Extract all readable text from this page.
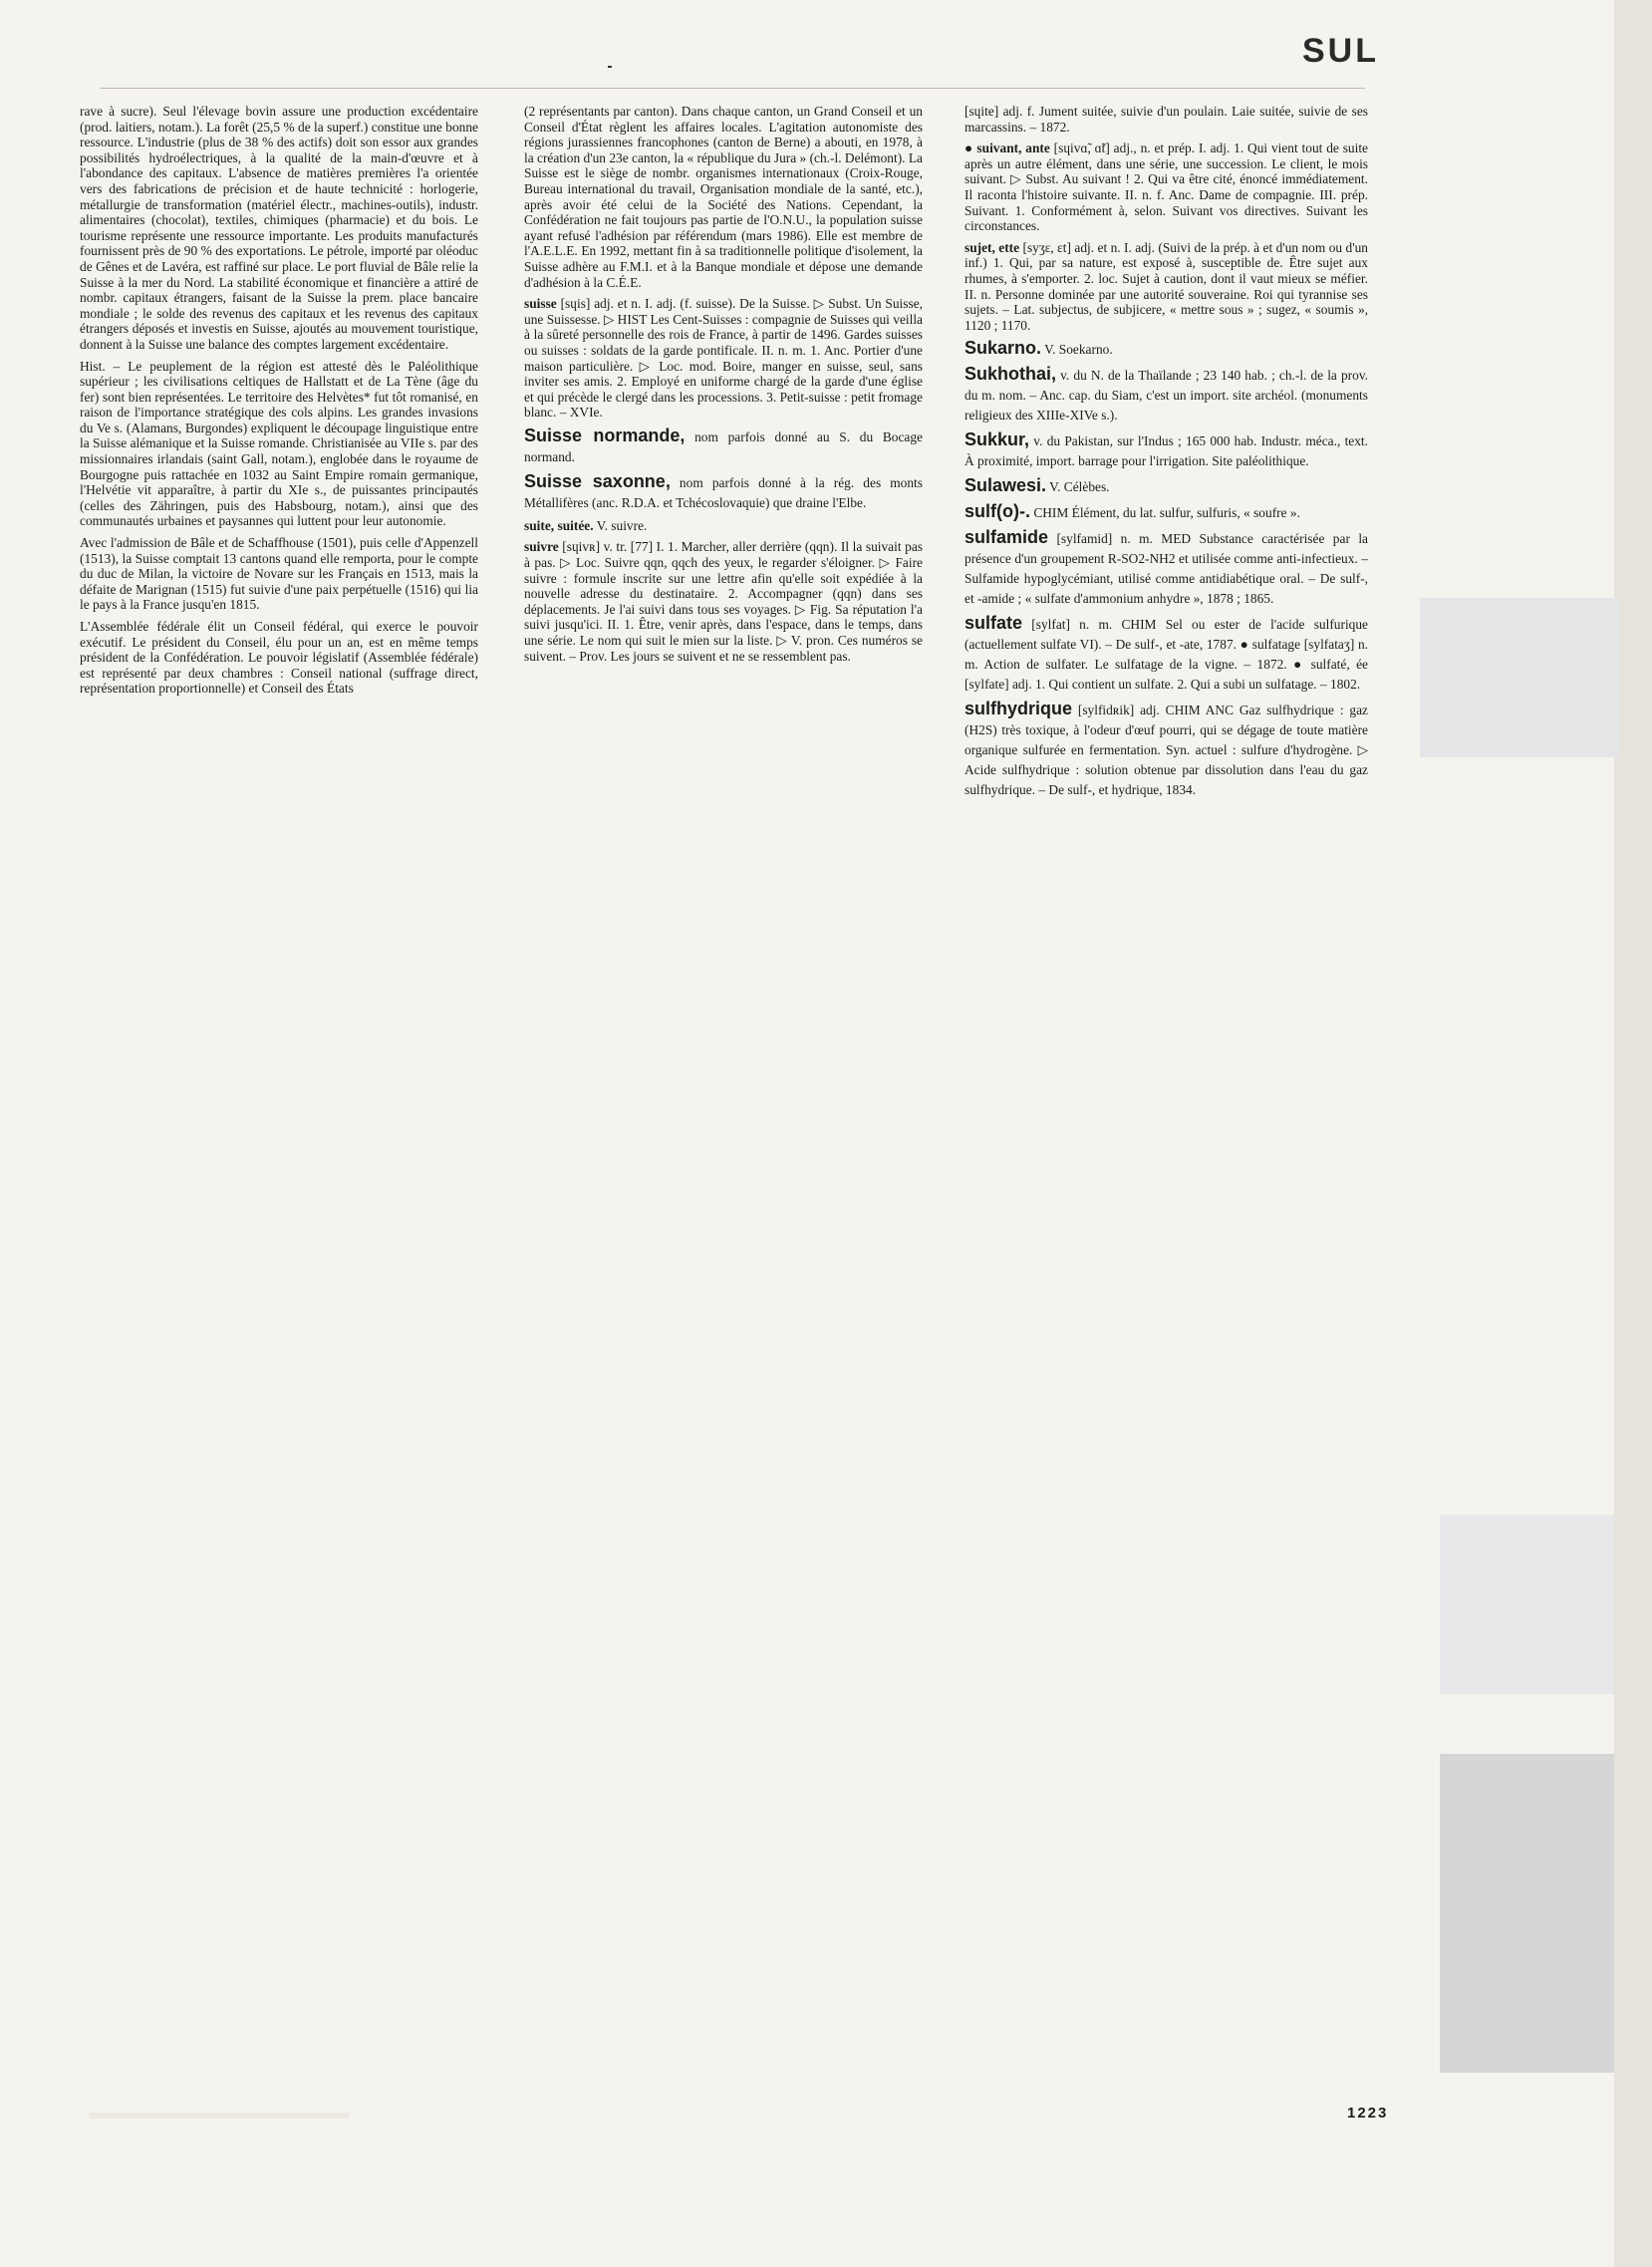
SUL

rave à sucre). Seul l'élevage bovin assure une production excédentaire (prod. laitiers, notam.). La forêt (25,5 % de la superf.) constitue une bonne ressource. L'industrie (plus de 38 % des actifs) doit son essor aux grandes possibilités hydroélectriques, à la qualité de la main-d'œuvre et à l'abondance des capitaux. L'absence de matières premières l'a orientée vers des fabrications de précision et de haute technicité : horlogerie, métallurgie de transformation (matériel électr., machines-outils), industr. alimentaires (chocolat), textiles, chimiques (pharmacie) et du bois. Le tourisme représente une ressource importante. Les produits manufacturés fournissent près de 90 % des exportations. Le pétrole, importé par oléoduc de Gênes et de Lavéra, est raffiné sur place. Le port fluvial de Bâle relie la Suisse à la mer du Nord. La stabilité économique et financière a attiré de nombr. capitaux étrangers, faisant de la Suisse la prem. place bancaire mondiale ; le solde des revenus des capitaux et les revenus des capitaux étrangers déposés et investis en Suisse, ajoutés au mouvement touristique, donnent à la Suisse une balance des comptes largement excédentaire.

Hist. – Le peuplement de la région est attesté dès le Paléolithique supérieur ; les civilisations celtiques de Hallstatt et de La Tène (âge du fer) sont bien représentées. Le territoire des Helvètes* fut tôt romanisé, en raison de l'importance stratégique des cols alpins. Les grandes invasions du Ve s. (Alamans, Burgondes) expliquent le découpage linguistique entre la Suisse alémanique et la Suisse romande. Christianisée au VIIe s. par des missionnaires irlandais (saint Gall, notam.), englobée dans le royaume de Bourgogne puis rattachée en 1032 au Saint Empire romain germanique, l'Helvétie vit apparaître, à partir du XIe s., de puissantes principautés (celles des Zähringen, puis des Habsbourg, notam.), ainsi que des communautés urbaines et paysannes qui luttent pour leur autonomie.

Avec l'admission de Bâle et de Schaffhouse (1501), puis celle d'Appenzell (1513), la Suisse comptait 13 cantons quand elle remporta, pour le compte du duc de Milan, la victoire de Novare sur les Français en 1513, mais la défaite de Marignan (1515) fut suivie d'une paix perpétuelle (1516) qui lia le pays à la France jusqu'en 1815.

L'Assemblée fédérale élit un Conseil fédéral, qui exerce le pouvoir exécutif. Le président du Conseil, élu pour un an, est en même temps président de la Confédération. Le pouvoir législatif (Assemblée fédérale) est représenté par deux chambres : Conseil national (suffrage direct, représentation proportionnelle) et Conseil des États

(2 représentants par canton). Dans chaque canton, un Grand Conseil et un Conseil d'État règlent les affaires locales. L'agitation autonomiste des régions jurassiennes francophones (canton de Berne) a abouti, en 1978, à la création d'un 23e canton, la « république du Jura » (ch.-l. Delémont). La Suisse est le siège de nombr. organismes internationaux (Croix-Rouge, Bureau international du travail, Organisation mondiale de la santé, etc.), après avoir été celui de la Société des Nations. Cependant, la Confédération ne fait toujours pas partie de l'O.N.U., la population suisse ayant refusé l'adhésion par référendum (mars 1986). Elle est membre de l'A.E.L.E. En 1992, mettant fin à sa traditionnelle politique d'isolement, la Suisse adhère au F.M.I. et à la Banque mondiale et dépose une demande d'adhésion à la C.É.E.

suisse [sɥis] adj. et n. I. adj. (f. suisse). De la Suisse. ▷ Subst. Un Suisse, une Suissesse. ▷ HIST Les Cent-Suisses : compagnie de Suisses qui veilla à la sûreté personnelle des rois de France, à partir de 1496. Gardes suisses ou suisses : soldats de la garde pontificale. II. n. m. 1. Anc. Portier d'une maison particulière. ▷ Loc. mod. Boire, manger en suisse, seul, sans inviter ses amis. 2. Employé en uniforme chargé de la garde d'une église et qui précède le clergé dans les processions. 3. Petit-suisse : petit fromage blanc. – XVIe.

Suisse normande, nom parfois donné au S. du Bocage normand.

Suisse saxonne, nom parfois donné à la rég. des monts Métallifères (anc. R.D.A. et Tchécoslovaquie) que draine l'Elbe.

suite, suitée. V. suivre.

suivre [sɥivʀ] v. tr. [77] I. 1. Marcher, aller derrière (qqn). Il la suivait pas à pas. ▷ Loc. Suivre qqn, qqch des yeux, le regarder s'éloigner. ▷ Faire suivre : formule inscrite sur une lettre afin qu'elle soit expédiée à la nouvelle adresse du destinataire. 2. Accompagner (qqn) dans ses déplacements. Je l'ai suivi dans tous ses voyages. ▷ Fig. Sa réputation l'a suivi jusqu'ici. II. 1. Être, venir après, dans l'espace, dans le temps, dans une série. Le nom qui suit le mien sur la liste. ▷ V. pron. Ces numéros se suivent. – Prov. Les jours se suivent et ne se ressemblent pas.

[sɥite] adj. f. Jument suitée, suivie d'un poulain. Laie suitée, suivie de ses marcassins. – 1872.

● suivant, ante [sɥivɑ̃, ɑ̃t] adj., n. et prép. I. adj. 1. Qui vient tout de suite après un autre élément, dans une série, une succession. Le client, le mois suivant. ▷ Subst. Au suivant ! 2. Qui va être cité, énoncé immédiatement. Il raconta l'histoire suivante. II. n. f. Anc. Dame de compagnie. III. prép. Suivant. 1. Conformément à, selon. Suivant vos directives. Suivant les circonstances.

sujet, ette [syʒɛ, ɛt] adj. et n. I. adj. (Suivi de la prép. à et d'un nom ou d'un inf.) 1. Qui, par sa nature, est exposé à, susceptible de. Être sujet aux rhumes, à s'emporter. 2. loc. Sujet à caution, dont il vaut mieux se méfier. II. n. Personne dominée par une autorité souveraine. Roi qui tyrannise ses sujets. – Lat. subjectus, de subjicere, « mettre sous » ; sugez, « soumis », 1120 ; 1170.

Sukarno. V. Soekarno.

Sukhothai, v. du N. de la Thaïlande ; 23 140 hab. ; ch.-l. de la prov. du m. nom. – Anc. cap. du Siam, c'est un import. site archéol. (monuments religieux des XIIIe-XIVe s.).

Sukkur, v. du Pakistan, sur l'Indus ; 165 000 hab. Industr. méca., text. À proximité, import. barrage pour l'irrigation. Site paléolithique.

Sulawesi. V. Célèbes.

sulf(o)-. CHIM Élément, du lat. sulfur, sulfuris, « soufre ».

sulfamide [sylfamid] n. m. MED Substance caractérisée par la présence d'un groupement R-SO2-NH2 et utilisée comme anti-infectieux. – Sulfamide hypoglycémiant, utilisé comme antidiabétique oral. – De sulf-, et -amide ; « sulfate d'ammonium anhydre », 1878 ; 1865.

sulfate [sylfat] n. m. CHIM Sel ou ester de l'acide sulfurique (actuellement sulfate VI). – De sulf-, et -ate, 1787. ● sulfatage [sylfataʒ] n. m. Action de sulfater. Le sulfatage de la vigne. – 1872. ● sulfaté, ée [sylfate] adj. 1. Qui contient un sulfate. 2. Qui a subi un sulfatage. – 1802.

sulfhydrique [sylfidʀik] adj. CHIM ANC Gaz sulfhydrique : gaz (H2S) très toxique, à l'odeur d'œuf pourri, qui se dégage de toute matière organique sulfurée en fermentation. Syn. actuel : sulfure d'hydrogène. ▷ Acide sulfhydrique : solution obtenue par dissolution dans l'eau du gaz sulfhydrique. – De sulf-, et hydrique, 1834.

1223
